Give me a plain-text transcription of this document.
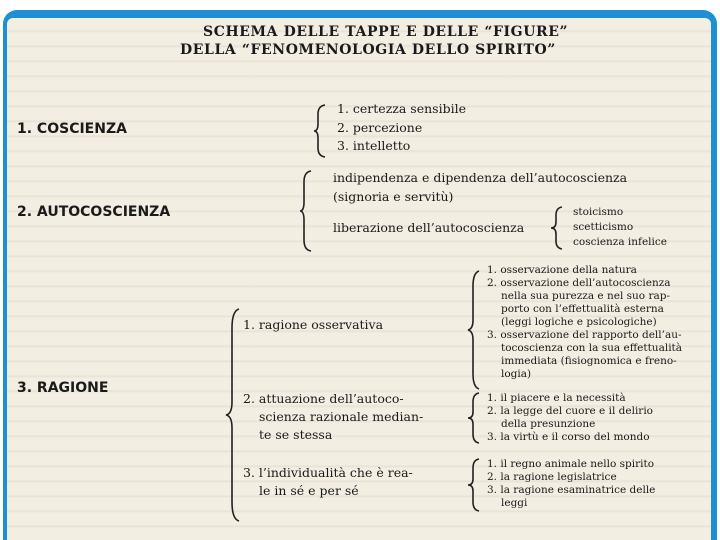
SCHEMA DELLE TAPPE E DELLE “FIGURE”
DELLA “FENOMENOLOGIA DELLO SPIRITO”
1. COSCIENZA
1. certezza sensibile
2. percezione
3. intelletto
2. AUTOCOSCIENZA
indipendenza e dipendenza dell’autocoscienza
(signoria e servitù)
liberazione dell’autocoscienza
stoicismo
scetticismo
coscienza infelice
3. RAGIONE
1. ragione osservativa
1. osservazione della natura
2. osservazione dell’autocoscienza
nella sua purezza e nel suo rap-
porto con l’effettualità esterna
(leggi logiche e psicologiche)
3. osservazione del rapporto dell’au-
tocoscienza con la sua effettualità
immediata (fisiognomica e freno-
logia)
2. attuazione dell’autoco-
scienza razionale median-
te se stessa
1. il piacere e la necessità
2. la legge del cuore e il delirio
della presunzione
3. la virtù e il corso del mondo
3. l’individualità che è rea-
le in sé e per sé
1. il regno animale nello spirito
2. la ragione legislatrice
3. la ragione esaminatrice delle
leggi
